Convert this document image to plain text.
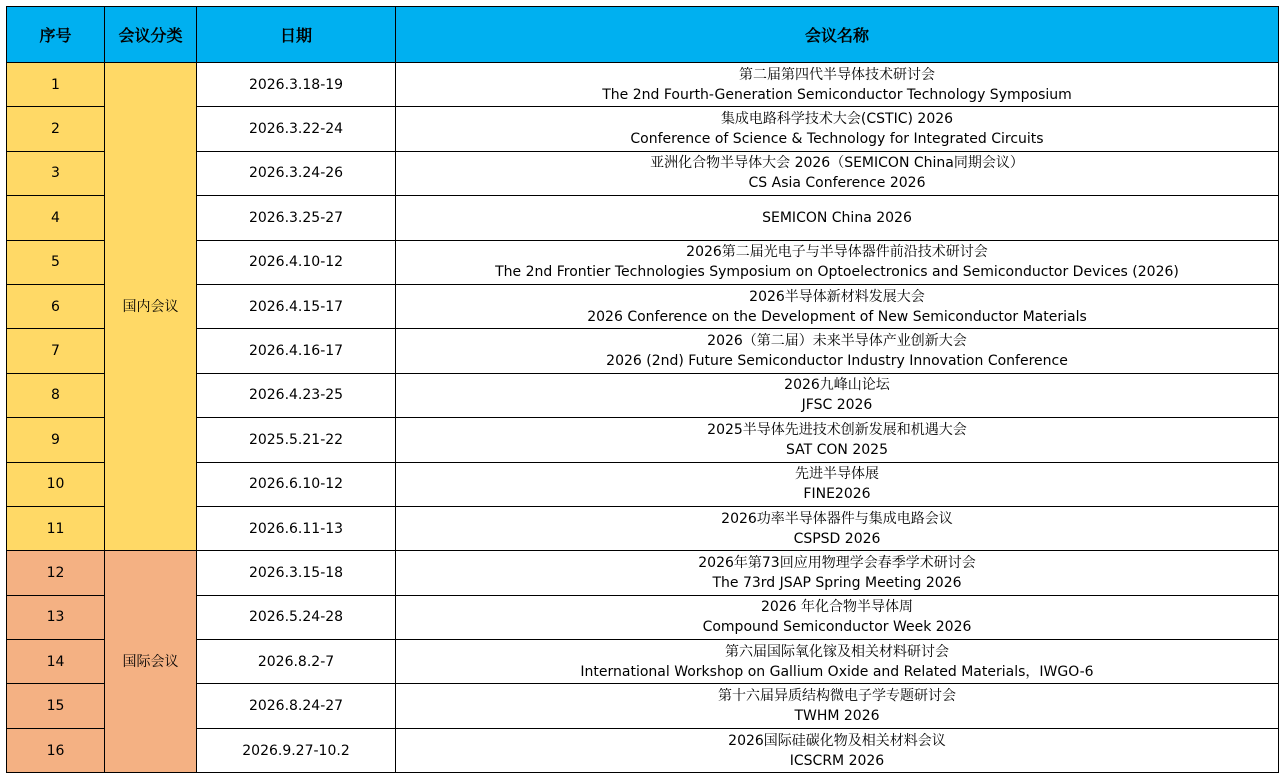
序号	会议分类	日期	会议名称
1	国内会议	2026.3.18-19	第二届第四代半导体技术研讨会
The 2nd Fourth-Generation Semiconductor Technology Symposium

2		2026.3.22-24	集成电路科学技术大会(CSTIC) 2026
Conference of Science & Technology for Integrated Circuits

3		2026.3.24-26	亚洲化合物半导体大会 2026（SEMICON China同期会议）
CS Asia Conference 2026

4		2026.3.25-27	SEMICON China 2026

5		2026.4.10-12	2026第二届光电子与半导体器件前沿技术研讨会
The 2nd Frontier Technologies Symposium on Optoelectronics and Semiconductor Devices (2026)

6		2026.4.15-17	2026半导体新材料发展大会
2026 Conference on the Development of New Semiconductor Materials

7		2026.4.16-17	2026（第二届）未来半导体产业创新大会
2026 (2nd) Future Semiconductor Industry Innovation Conference

8		2026.4.23-25	2026九峰山论坛
JFSC 2026

9		2025.5.21-22	2025半导体先进技术创新发展和机遇大会
SAT CON 2025

10		2026.6.10-12	先进半导体展
FINE2026

11		2026.6.11-13	2026功率半导体器件与集成电路会议
CSPSD 2026

12	国际会议	2026.3.15-18	2026年第73回应用物理学会春季学术研讨会
The 73rd JSAP Spring Meeting 2026

13		2026.5.24-28	2026 年化合物半导体周
Compound Semiconductor Week 2026

14		2026.8.2-7	第六届国际氧化镓及相关材料研讨会
International Workshop on Gallium Oxide and Related Materials，IWGO-6

15		2026.8.24-27	第十六届异质结构微电子学专题研讨会
TWHM 2026

16		2026.9.27-10.2	2026国际硅碳化物及相关材料会议
ICSCRM 2026
